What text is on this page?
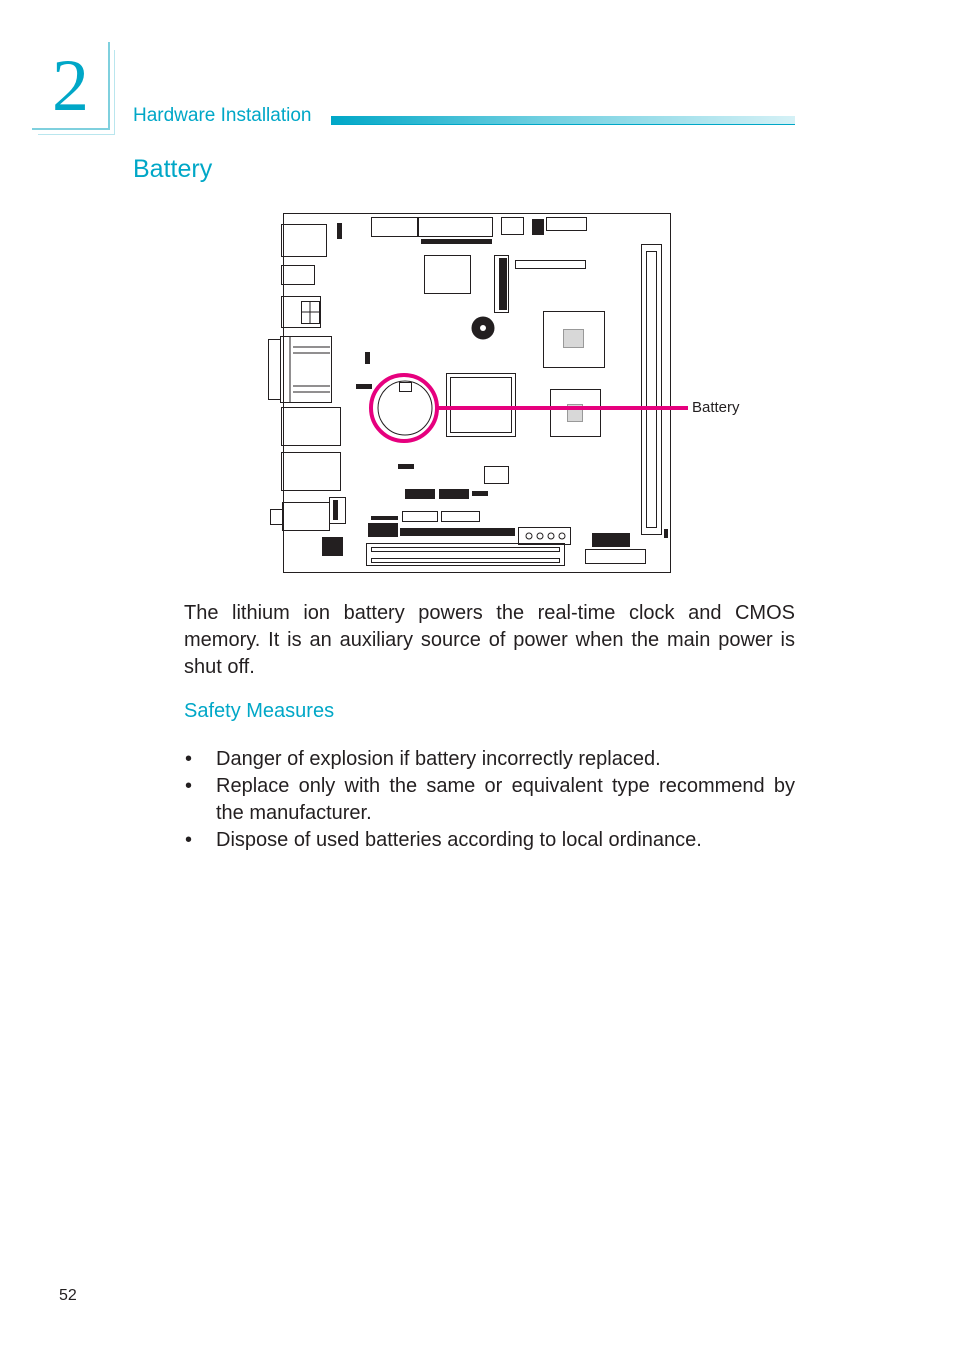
2 Hardware Installation
Battery
Battery
The lithium ion battery powers the real-time clock and CMOS memory. It is an auxiliary source of power when the main power is shut off.
Safety Measures
• Danger of explosion if battery incorrectly replaced.
• Replace only with the same or equivalent type recommend by the manufacturer.
• Dispose of used batteries according to local ordinance.
52
